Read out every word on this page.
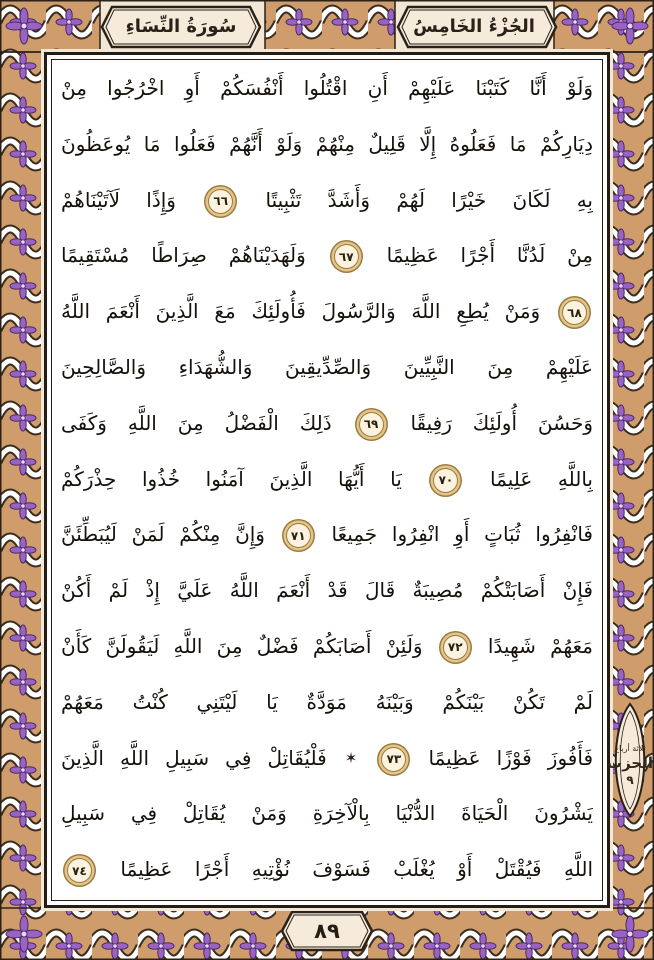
سُورَةُ النِّسَاءِ	الجُزْءُ الخَامِسُ
وَلَوْ أَنَّا كَتَبْنَا عَلَيْهِمْ أَنِ اقْتُلُوا أَنْفُسَكُمْ أَوِ اخْرُجُوا مِنْ
دِيَارِكُمْ مَا فَعَلُوهُ إِلَّا قَلِيلٌ مِنْهُمْ وَلَوْ أَنَّهُمْ فَعَلُوا مَا يُوعَظُونَ
بِهِ لَكَانَ خَيْرًا لَهُمْ وَأَشَدَّ تَثْبِيتًا ٦٦ وَإِذًا لَآتَيْنَاهُمْ
مِنْ لَدُنَّا أَجْرًا عَظِيمًا ٦٧ وَلَهَدَيْنَاهُمْ صِرَاطًا مُسْتَقِيمًا
٦٨ وَمَنْ يُطِعِ اللَّهَ وَالرَّسُولَ فَأُولَئِكَ مَعَ الَّذِينَ أَنْعَمَ اللَّهُ
عَلَيْهِمْ مِنَ النَّبِيِّينَ وَالصِّدِّيقِينَ وَالشُّهَدَاءِ وَالصَّالِحِينَ
وَحَسُنَ أُولَئِكَ رَفِيقًا ٦٩ ذَلِكَ الْفَضْلُ مِنَ اللَّهِ وَكَفَى
بِاللَّهِ عَلِيمًا ٧٠ يَا أَيُّهَا الَّذِينَ آمَنُوا خُذُوا حِذْرَكُمْ
فَانْفِرُوا ثُبَاتٍ أَوِ انْفِرُوا جَمِيعًا ٧١ وَإِنَّ مِنْكُمْ لَمَنْ لَيُبَطِّئَنَّ
فَإِنْ أَصَابَتْكُمْ مُصِيبَةٌ قَالَ قَدْ أَنْعَمَ اللَّهُ عَلَيَّ إِذْ لَمْ أَكُنْ
مَعَهُمْ شَهِيدًا ٧٢ وَلَئِنْ أَصَابَكُمْ فَضْلٌ مِنَ اللَّهِ لَيَقُولَنَّ كَأَنْ
لَمْ تَكُنْ بَيْنَكُمْ وَبَيْنَهُ مَوَدَّةٌ يَا لَيْتَنِي كُنْتُ مَعَهُمْ
فَأَفُوزَ فَوْزًا عَظِيمًا ٧٣ ✶ فَلْيُقَاتِلْ فِي سَبِيلِ اللَّهِ الَّذِينَ
يَشْرُونَ الْحَيَاةَ الدُّنْيَا بِالْآخِرَةِ وَمَنْ يُقَاتِلْ فِي سَبِيلِ
اللَّهِ فَيُقْتَلْ أَوْ يُغْلَبْ فَسَوْفَ نُؤْتِيهِ أَجْرًا عَظِيمًا ٧٤
ثلاثة أرباع
الحزب
٩
٨٩
